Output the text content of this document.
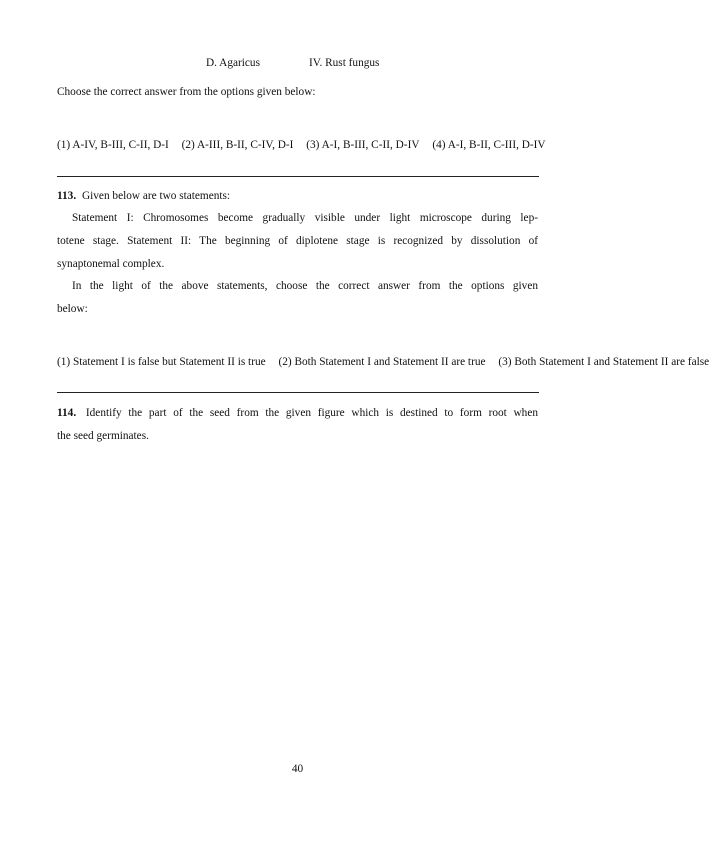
D. Agaricus	IV. Rust fungus
Choose the correct answer from the options given below:
(1) A-IV, B-III, C-II, D-I (2) A-III, B-II, C-IV, D-I (3) A-I, B-III, C-II, D-IV (4) A-I, B-II, C-III, D-IV
113. Given below are two statements:
Statement I: Chromosomes become gradually visible under light microscope during lep-
totene stage. Statement II: The beginning of diplotene stage is recognized by dissolution of
synaptonemal complex.
In the light of the above statements, choose the correct answer from the options given
below:
(1) Statement I is false but Statement II is true (2) Both Statement I and Statement II are true (3) Both Statement I and Statement II are false
114. Identify the part of the seed from the given figure which is destined to form root when
the seed germinates.
40
